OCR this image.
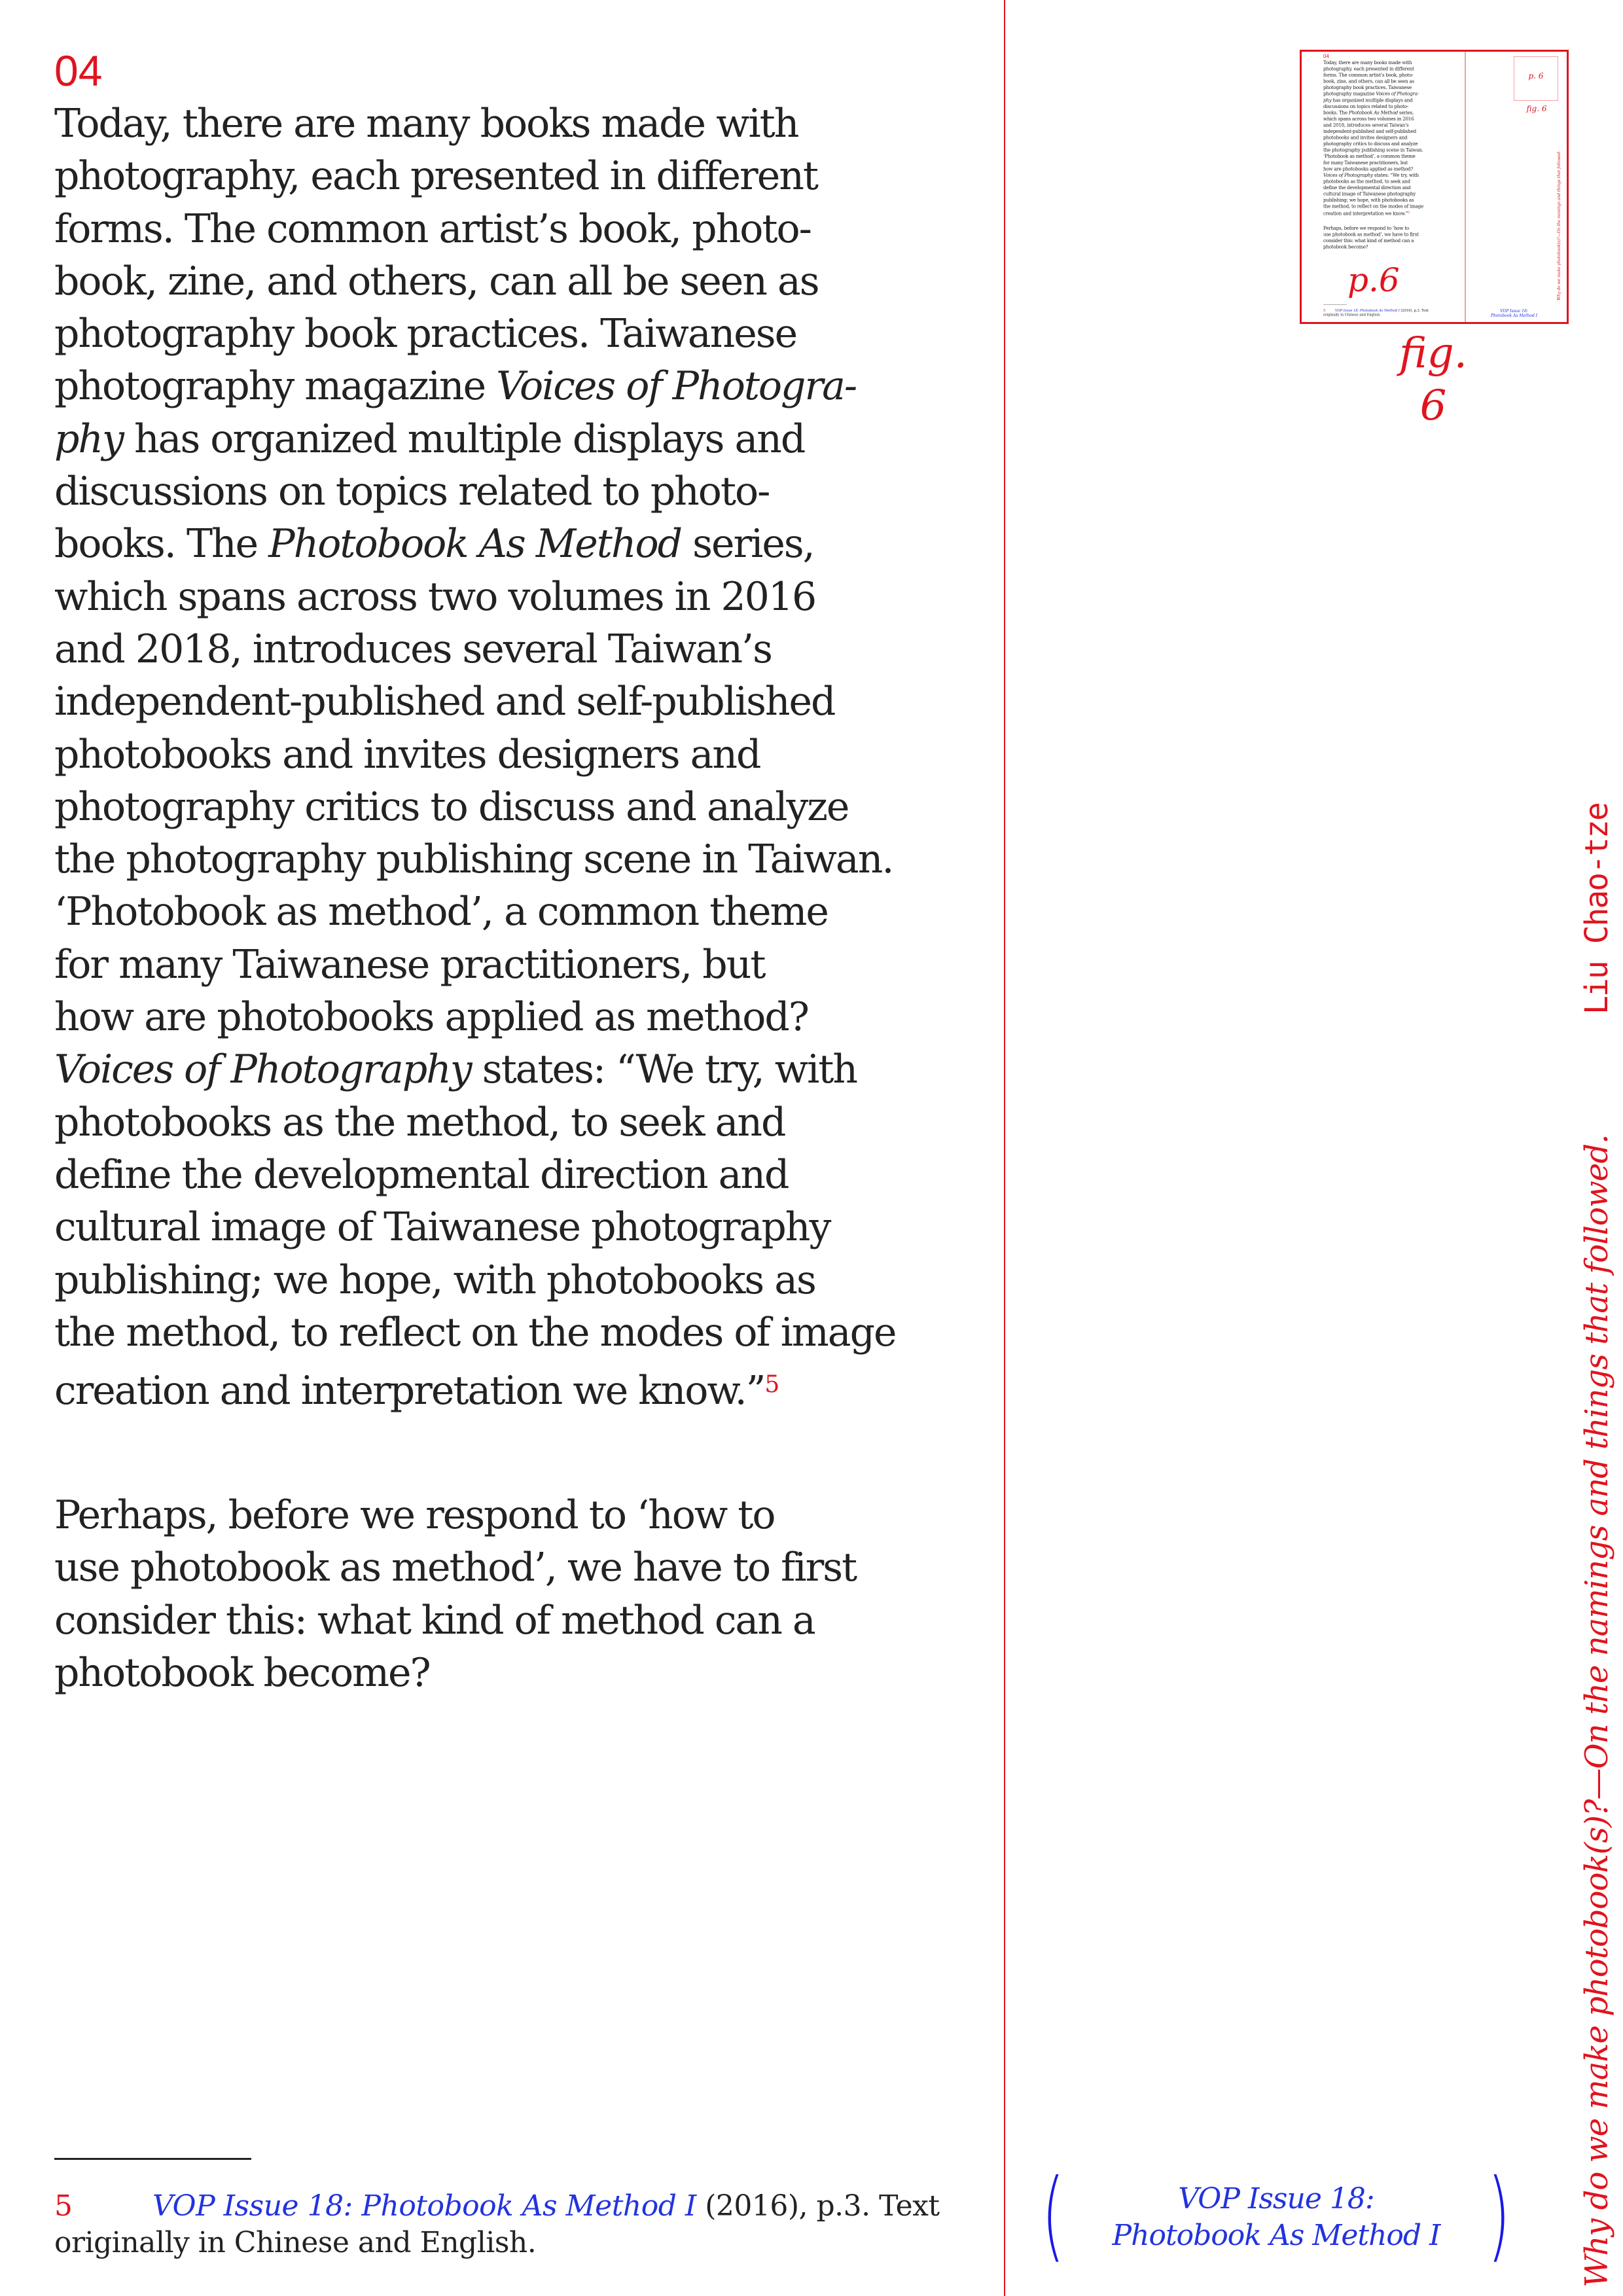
04
Today, there are many books made with
photography, each presented in different
forms. The common artist’s book, photo-
book, zine, and others, can all be seen as
photography book practices. Taiwanese
photography magazine Voices of Photogra-
phy has organized multiple displays and
discussions on topics related to photo-
books. The Photobook As Method series,
which spans across two volumes in 2016
and 2018, introduces several Taiwan’s
independent-published and self-published
photobooks and invites designers and
photography critics to discuss and analyze
the photography publishing scene in Taiwan.
‘Photobook as method’, a common theme
for many Taiwanese practitioners, but
how are photobooks applied as method?
Voices of Photography states: “We try, with
photobooks as the method, to seek and
define the developmental direction and
cultural image of Taiwanese photography
publishing; we hope, with photobooks as
the method, to reflect on the modes of image
creation and interpretation we know.”$^5$
Perhaps, before we respond to ‘how to
use photobook as method’, we have to first
consider this: what kind of method can a
photobook become?
5	VOP Issue 18: Photobook As Method I (2016), p.3. Text
originally in Chinese and English.
04
Today, there are many books made with
photography, each presented in different
forms. The common artist’s book, photo-
book, zine, and others, can all be seen as
photography book practices. Taiwanese
photography magazine Voices of Photogra-
phy has organized multiple displays and
discussions on topics related to photo-
books. The Photobook As Method series,
which spans across two volumes in 2016
and 2018, introduces several Taiwan’s
independent-published and self-published
photobooks and invites designers and
photography critics to discuss and analyze
the photography publishing scene in Taiwan.
‘Photobook as method’, a common theme
for many Taiwanese practitioners, but
how are photobooks applied as method?
Voices of Photography states: “We try, with
photobooks as the method, to seek and
define the developmental direction and
cultural image of Taiwanese photography
publishing; we hope, with photobooks as
the method, to reflect on the modes of image
creation and interpretation we know.”$^5$
Perhaps, before we respond to ‘how to
use photobook as method’, we have to first
consider this: what kind of method can a
photobook become?
5 VOP Issue 18: Photobook As Method I (2016), p.3. Text
originally in Chinese and English.
p. 6
fig. 6
VOP Issue 18:
Photobook As Method I
Why do we make photobook(s)?—On the namings and things that followed.
p.6
fig. 6
(	VOP Issue 18:
Photobook As Method I )
Liu Chao-tze
Why do we make photobook(s)?—On the namings and things that followed.
